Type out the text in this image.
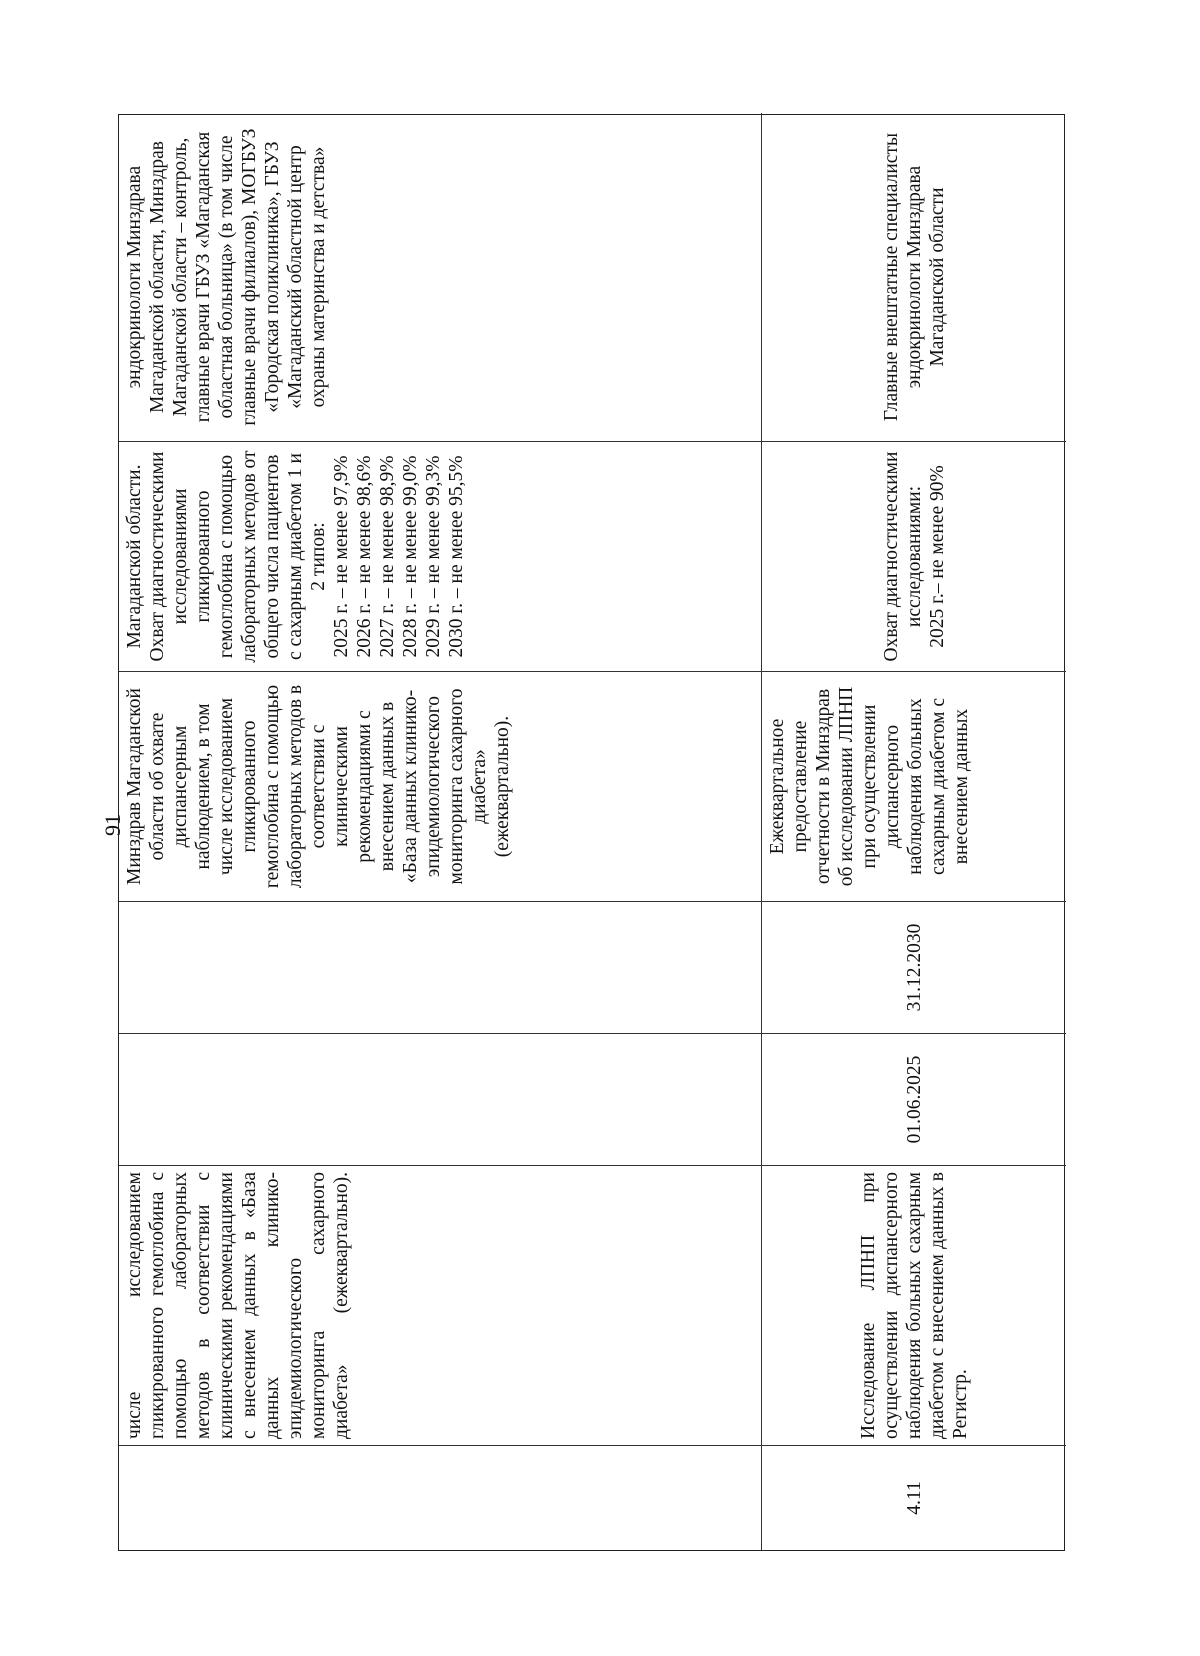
91
числе исследованием гликированного гемоглобина с помощью лабораторных методов в соответствии с клиническими рекомендациями с внесением данных в «База данных клинико-эпидемиологического мониторинга сахарного диабета» (ежеквартально).
Минздрав Магаданской области об охвате диспансерным наблюдением, в том числе исследованием гликированного гемоглобина с помощью лабораторных методов в соответствии с клиническими рекомендациями с внесением данных в «База данных клинико-эпидемиологического мониторинга сахарного диабета» (ежеквартально).
Магаданской области.
Охват диагностическими исследованиями гликированного гемоглобина с помощью лабораторных методов от общего числа пациентов с сахарным диабетом 1 и 2 типов:
2025 г. – не менее 97,9%
2026 г. – не менее 98,6%
2027 г. – не менее 98,9%
2028 г. – не менее 99,0%
2029 г. – не менее 99,3%
2030 г. – не менее 95,5%
эндокринологи Минздрава Магаданской области, Минздрав Магаданской области – контроль, главные врачи ГБУЗ «Магаданская областная больница» (в том числе главные врачи филиалов), МОГБУЗ «Городская поликлиника», ГБУЗ «Магаданский областной центр охраны материнства и детства»
4.11
Исследование ЛПНП при осуществлении диспансерного наблюдения больных сахарным диабетом с внесением данных в Регистр.
01.06.2025
31.12.2030
Ежеквартальное предоставление отчетности в Минздрав об исследовании ЛПНП при осуществлении диспансерного наблюдения больных сахарным диабетом с внесением данных
Охват диагностическими исследованиями:
2025 г.– не менее 90%
Главные внештатные специалисты эндокринологи Минздрава Магаданской области
